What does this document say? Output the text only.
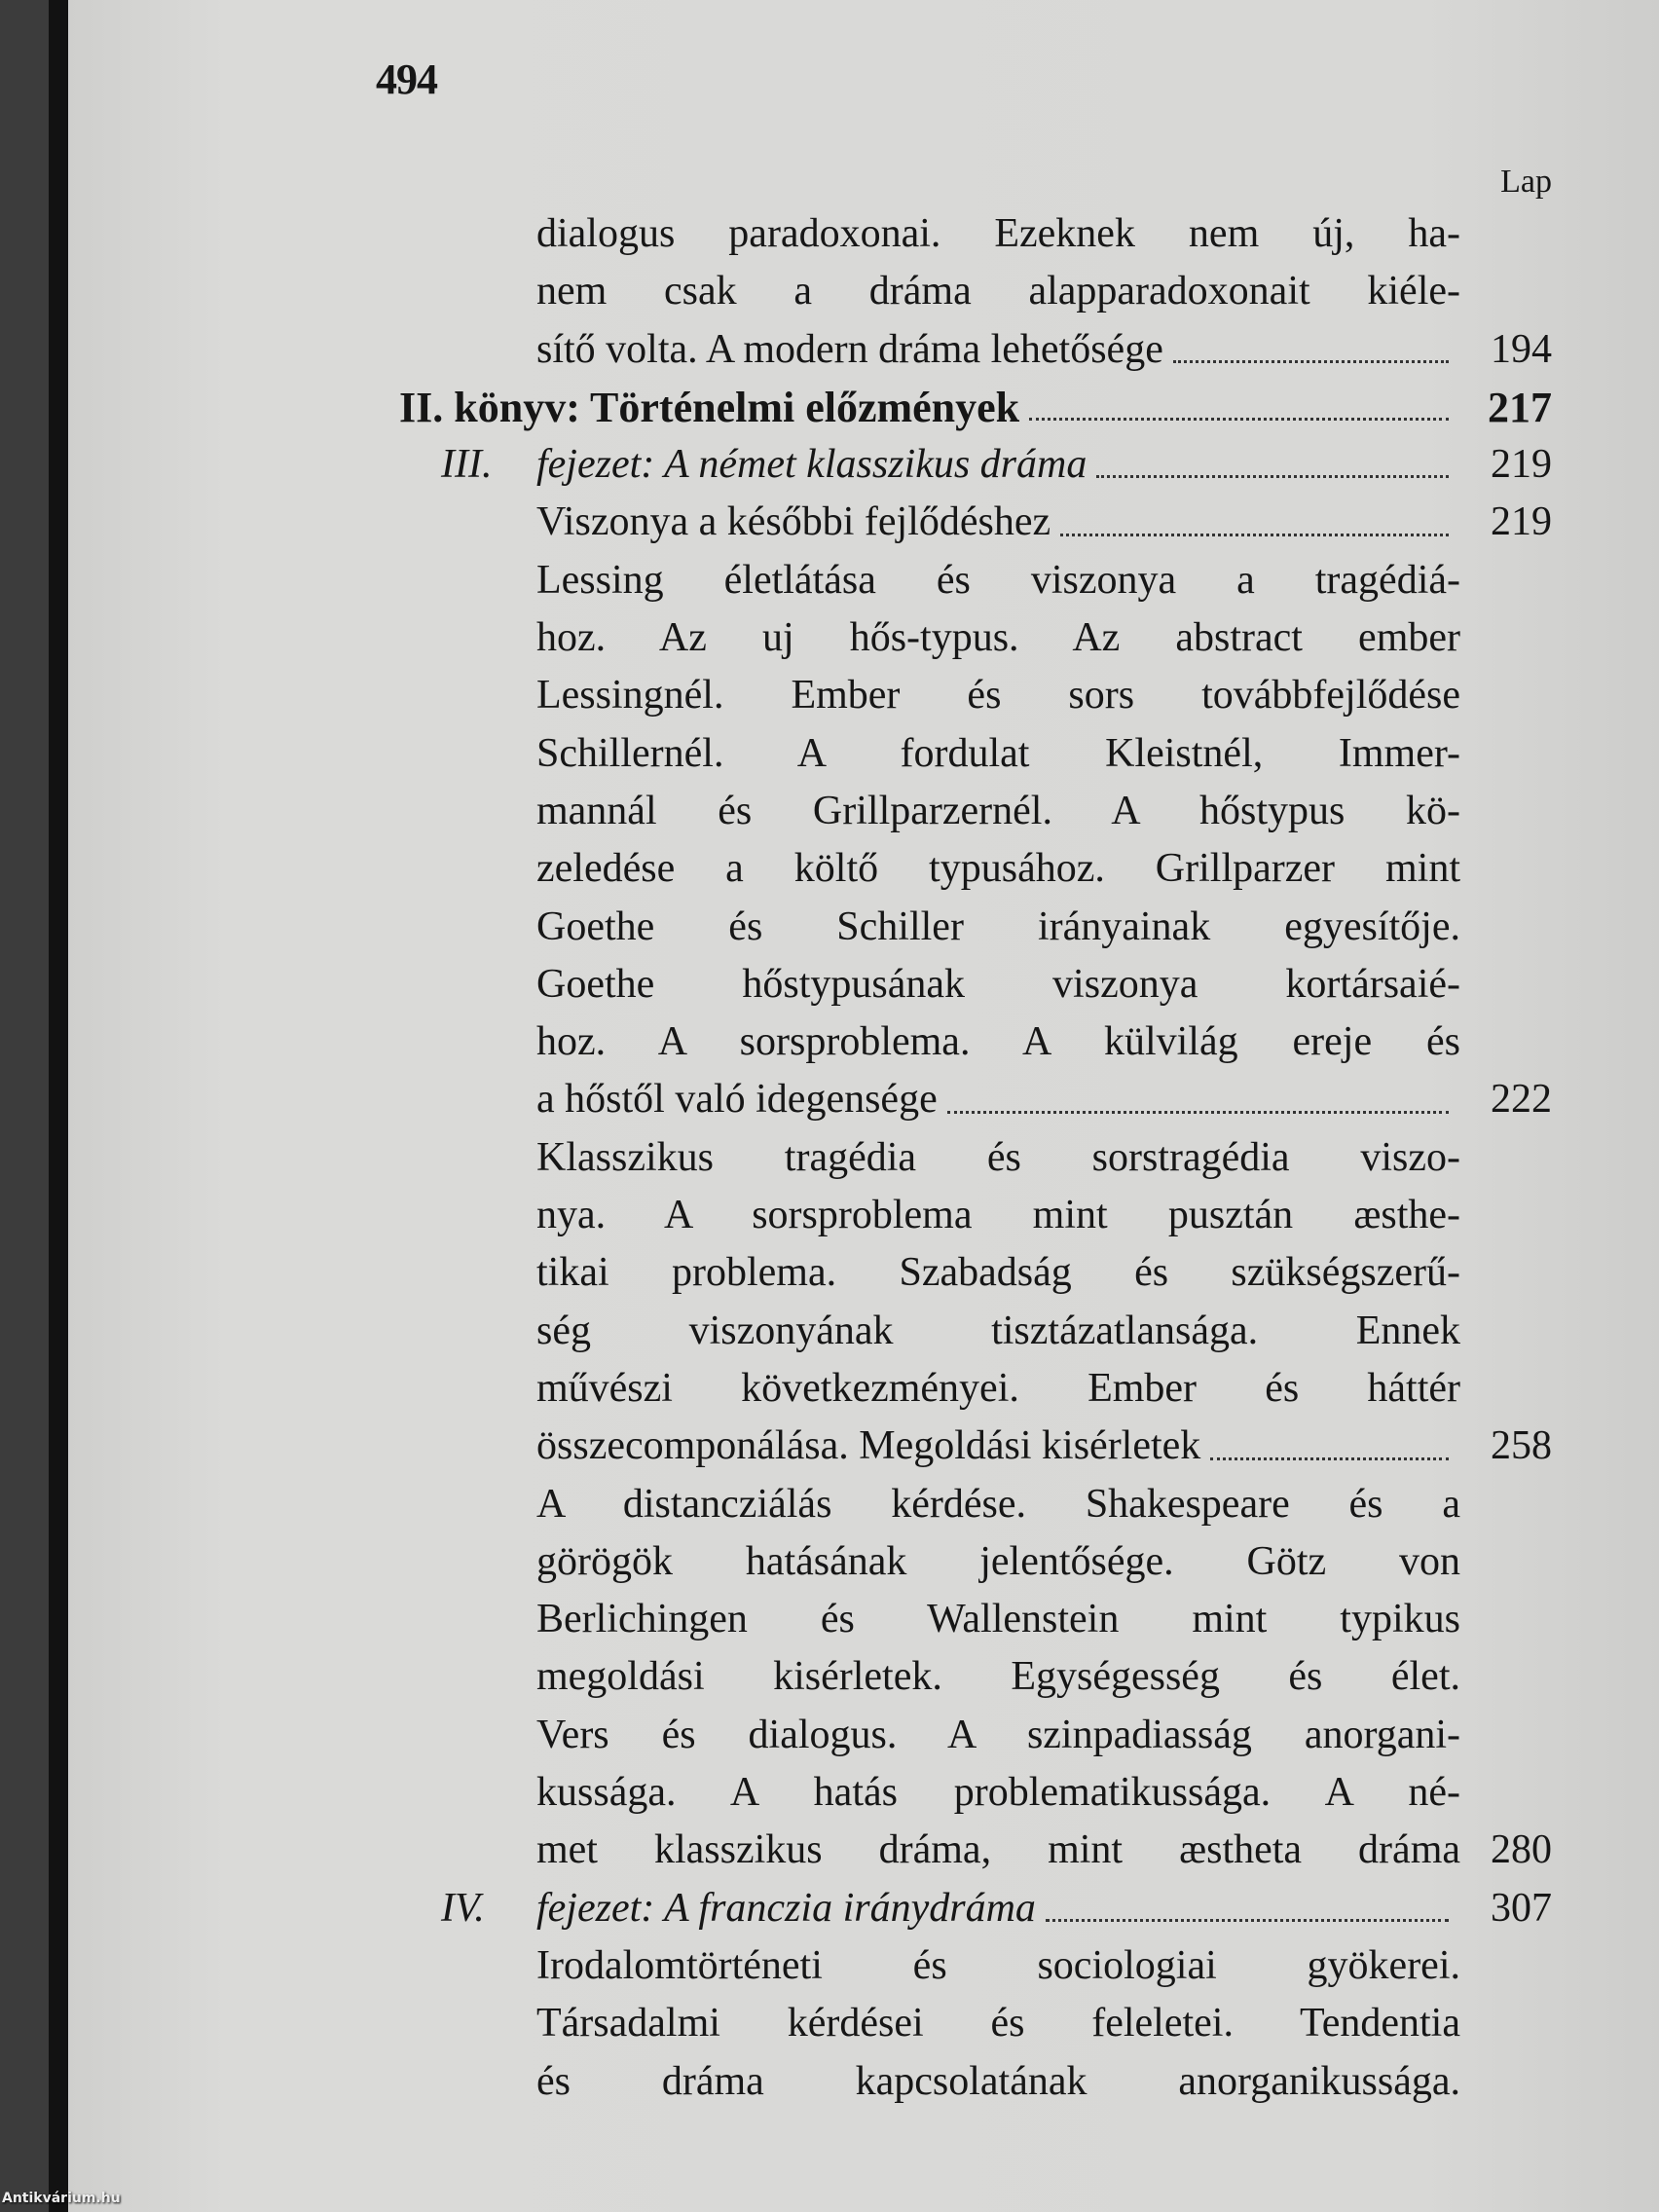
494
Lap
dialogus paradoxonai. Ezeknek nem új, ha-
nem csak a dráma alapparadoxonait kiéle-
sítő volta. A modern dráma lehetősége	194
II. könyv: Történelmi előzmények	217
III.	fejezet: A német klasszikus dráma	219
Viszonya a későbbi fejlődéshez	219
Lessing életlátása és viszonya a tragédiá-
hoz. Az uj hős-typus. Az abstract ember
Lessingnél. Ember és sors továbbfejlődése
Schillernél. A fordulat Kleistnél, Immer-
mannál és Grillparzernél. A hőstypus kö-
zeledése a költő typusához. Grillparzer mint
Goethe és Schiller irányainak egyesítője.
Goethe hőstypusának viszonya kortársaié-
hoz. A sorsproblema. A külvilág ereje és
a hőstől való idegensége	222
Klasszikus tragédia és sorstragédia viszo-
nya. A sorsproblema mint pusztán æsthe-
tikai problema. Szabadság és szükségszerű-
ség viszonyának tisztázatlansága. Ennek
művészi következményei. Ember és háttér
összecomponálása. Megoldási kisérletek	258
A distancziálás kérdése. Shakespeare és a
görögök hatásának jelentősége. Götz von
Berlichingen és Wallenstein mint typikus
megoldási kisérletek. Egységesség és élet.
Vers és dialogus. A szinpadiasság anorgani-
kussága. A hatás problematikussága. A né-
met klasszikus dráma, mint æstheta dráma 280
IV.	fejezet: A franczia iránydráma	307
Irodalomtörténeti és sociologiai gyökerei.
Társadalmi kérdései és feleletei. Tendentia
és dráma kapcsolatának anorganikussága.
Antikvárium.hu
